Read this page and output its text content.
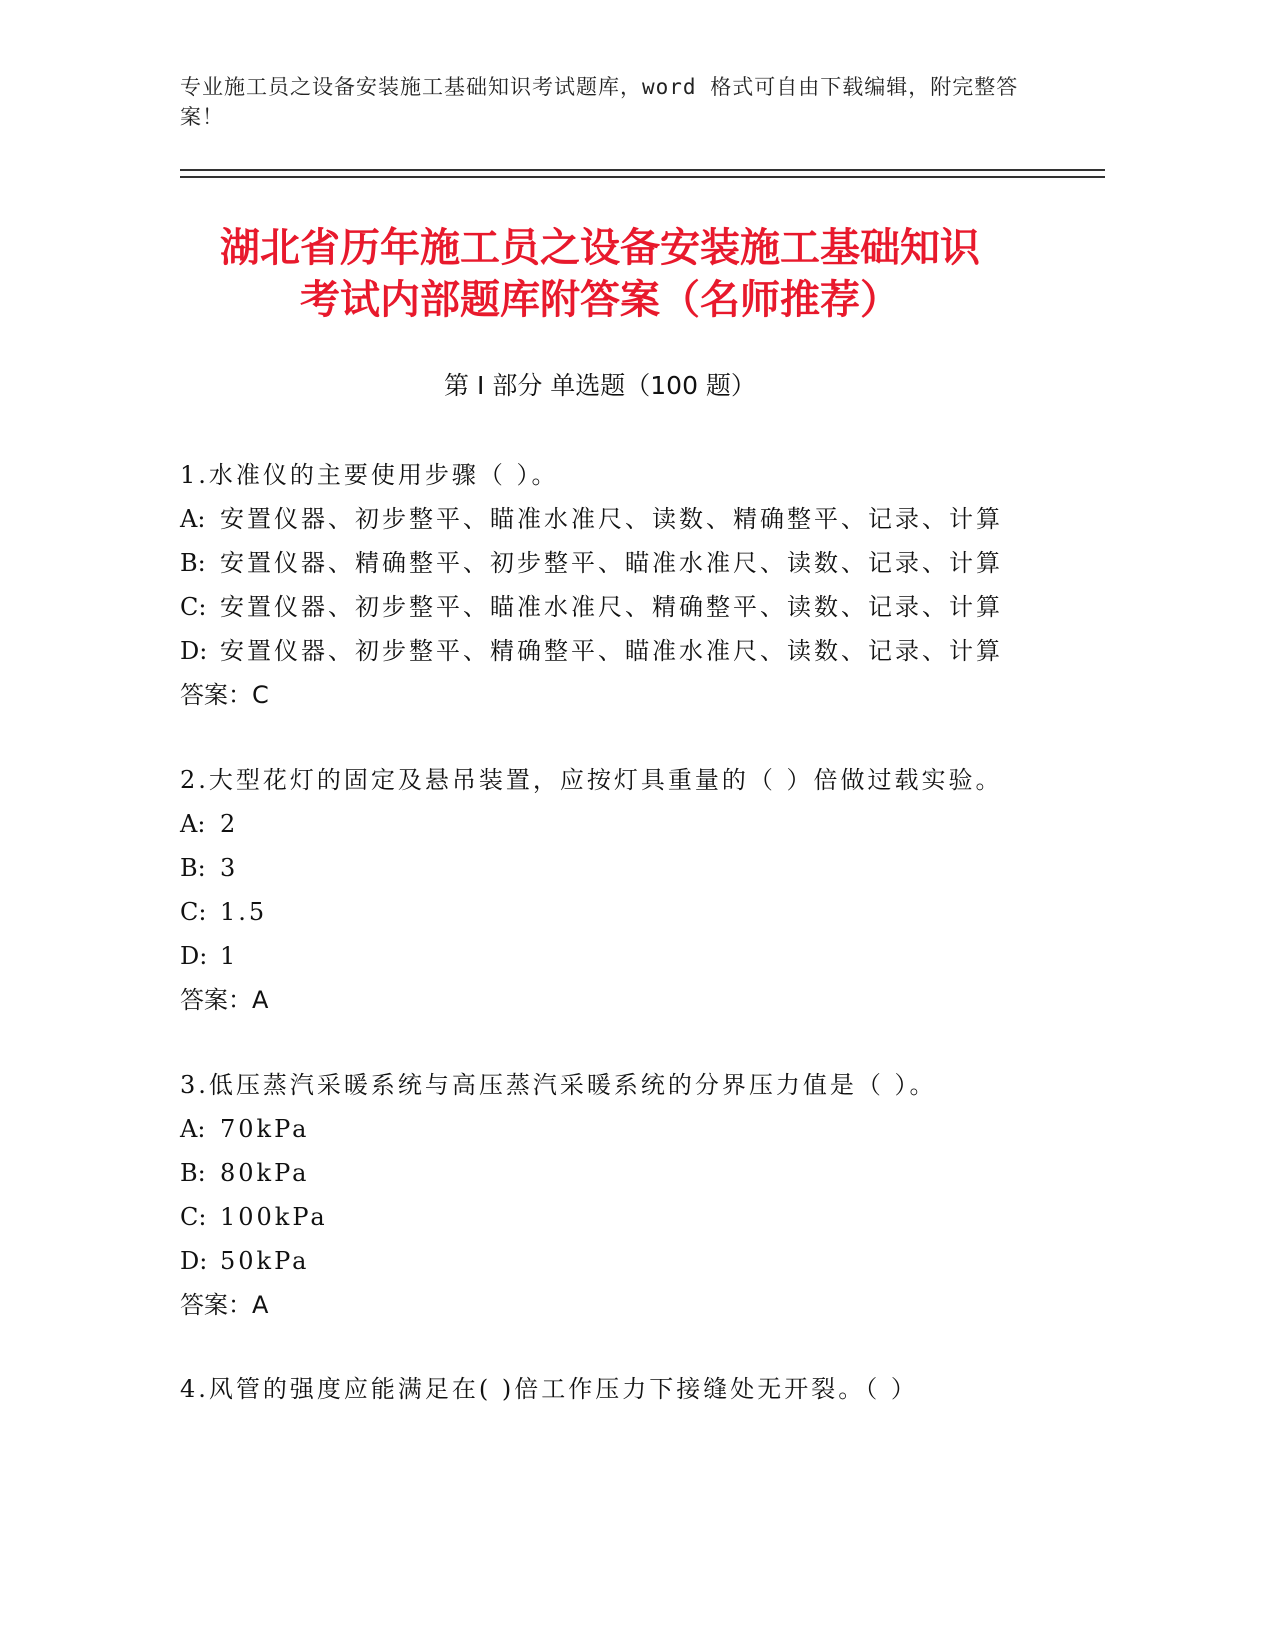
专业施工员之设备安装施工基础知识考试题库，word 格式可自由下载编辑，附完整答案！
湖北省历年施工员之设备安装施工基础知识
考试内部题库附答案（名师推荐）
第 I 部分 单选题（100 题）
1.水准仪的主要使用步骤（ ）。
A: 安置仪器、初步整平、瞄准水准尺、读数、精确整平、记录、计算
B: 安置仪器、精确整平、初步整平、瞄准水准尺、读数、记录、计算
C: 安置仪器、初步整平、瞄准水准尺、精确整平、读数、记录、计算
D: 安置仪器、初步整平、精确整平、瞄准水准尺、读数、记录、计算
答案：C
2.大型花灯的固定及悬吊装置，应按灯具重量的（ ）倍做过载实验。
A: 2
B: 3
C: 1.5
D: 1
答案：A
3.低压蒸汽采暖系统与高压蒸汽采暖系统的分界压力值是（ ）。
A: 70kPa
B: 80kPa
C: 100kPa
D: 50kPa
答案：A
4.风管的强度应能满足在( )倍工作压力下接缝处无开裂。（ ）
